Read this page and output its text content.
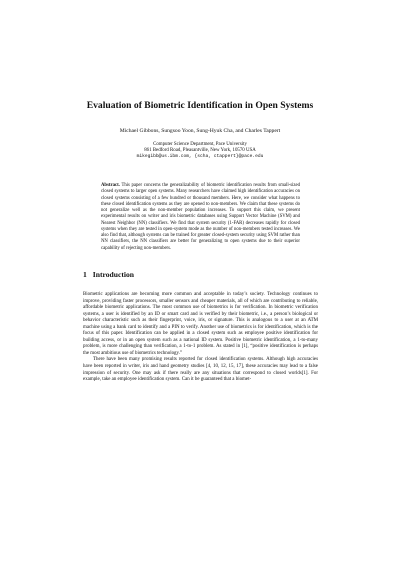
Evaluation of Biometric Identification in Open Systems
Michael Gibbons, Sungsoo Yoon, Sung-Hyuk Cha, and Charles Tappert
Computer Science Department, Pace University
861 Bedford Road, Pleasantville, New York, 10570 USA
mikegibb@us.ibm.com, {scha, ctappert}@pace.edu
Abstract. This paper concerns the generalizability of biometric identification results from small-sized closed systems to larger open systems. Many researchers have claimed high identification accuracies on closed systems consisting of a few hundred or thousand members. Here, we consider what happens to these closed identification systems as they are opened to non-members. We claim that these systems do not generalize well as the non-member population increases. To support this claim, we present experimental results on writer and iris biometric databases using Support Vector Machine (SVM) and Nearest Neighbor (NN) classifiers. We find that system security (1-FAR) decreases rapidly for closed systems when they are tested in open-system mode as the number of non-members tested increases. We also find that, although systems can be trained for greater closed-system security using SVM rather than NN classifiers, the NN classifiers are better for generalizing to open systems due to their superior capability of rejecting non-members.
1 Introduction

Biometric applications are becoming more common and acceptable in today’s society. Technology continues to improve, providing faster processors, smaller sensors and cheaper materials, all of which are contributing to reliable, affordable biometric applications. The most common use of biometrics is for verification. In biometric verification systems, a user is identified by an ID or smart card and is verified by their biometric, i.e., a person’s biological or behavior characteristic such as their fingerprint, voice, iris, or signature. This is analogous to a user at an ATM machine using a bank card to identify and a PIN to verify. Another use of biometrics is for identification, which is the focus of this paper. Identification can be applied in a closed system such as employee positive identification for building access, or in an open system such as a national ID system. Positive biometric identification, a 1-to-many problem, is more challenging than verification, a 1-to-1 problem. As stated in [1], “positive identification is perhaps the most ambitious use of biometrics technology.”

There have been many promising results reported for closed identification systems. Although high accuracies have been reported in writer, iris and hand geometry studies [4, 10, 12, 15, 17], these accuracies may lead to a false impression of security. One may ask if there really are any situations that correspond to closed worlds[1]. For example, take an employee identification system. Can it be guaranteed that a biomet-
